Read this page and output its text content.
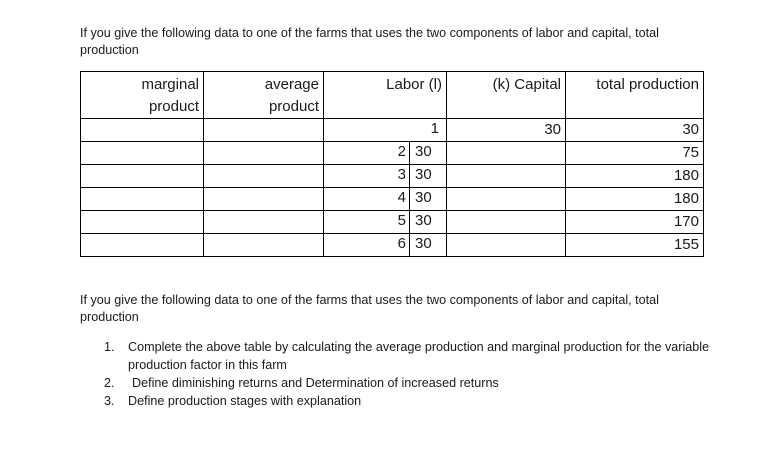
If you give the following data to one of the farms that uses the two components of labor and capital, total production
marginal
product	average
product	Labor (l)	(k) Capital	total production

		1	30	30

		2 30		75

		3 30		180

		4 30		180

		5 30		170

		6 30		155
If you give the following data to one of the farms that uses the two components of labor and capital, total production
1.	Complete the above table by calculating the average production and marginal production for the variable production factor in this farm
2.	Define diminishing returns and Determination of increased returns
3.	Define production stages with explanation
